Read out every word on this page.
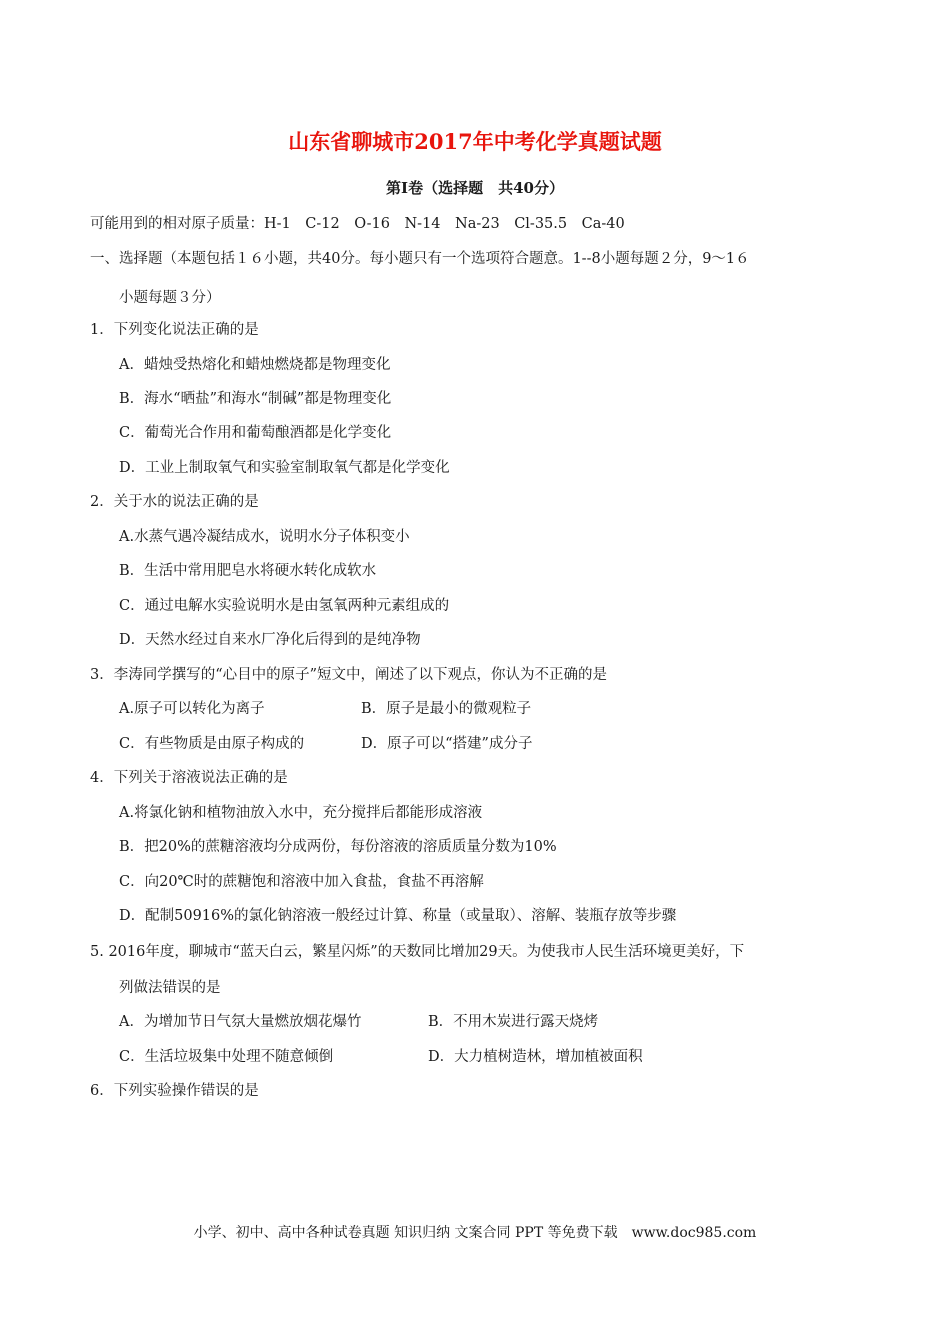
山东省聊城市2017年中考化学真题试题
第Ⅰ卷（选择题　共40分）
可能用到的相对原子质量：H-1　C-12　O-16　N-14　Na-23　Cl-35.5　Ca-40
一、选择题（本题包括１６小题，共40分。每小题只有一个选项符合题意。1--8小题每题２分，9～1６
小题每题３分）
1．下列变化说法正确的是
A．蜡烛受热熔化和蜡烛燃烧都是物理变化
B．海水“晒盐”和海水“制碱”都是物理变化
C．葡萄光合作用和葡萄酿酒都是化学变化
D．工业上制取氧气和实验室制取氧气都是化学变化
2．关于水的说法正确的是
A.水蒸气遇冷凝结成水，说明水分子体积变小
B．生活中常用肥皂水将硬水转化成软水
C．通过电解水实验说明水是由氢氧两种元素组成的
D．天然水经过自来水厂净化后得到的是纯净物
3．李涛同学撰写的“心目中的原子”短文中，阐述了以下观点，你认为不正确的是
A.原子可以转化为离子	B．原子是最小的微观粒子
C．有些物质是由原子构成的	D．原子可以“搭建”成分子
4．下列关于溶液说法正确的是
A.将氯化钠和植物油放入水中，充分搅拌后都能形成溶液
B．把20%的蔗糖溶液均分成两份，每份溶液的溶质质量分数为10%
C．向20℃时的蔗糖饱和溶液中加入食盐，食盐不再溶解
D．配制50916%的氯化钠溶液一般经过计算、称量（或量取）、溶解、装瓶存放等步骤
5. 2016年度，聊城市“蓝天白云，繁星闪烁”的天数同比增加29天。为使我市人民生活环境更美好，下
列做法错误的是
A．为增加节日气氛大量燃放烟花爆竹	B．不用木炭进行露天烧烤
C．生活垃圾集中处理不随意倾倒	D．大力植树造林，增加植被面积
6．下列实验操作错误的是
小学、初中、高中各种试卷真题 知识归纳 文案合同 PPT 等免费下载　www.doc985.com
